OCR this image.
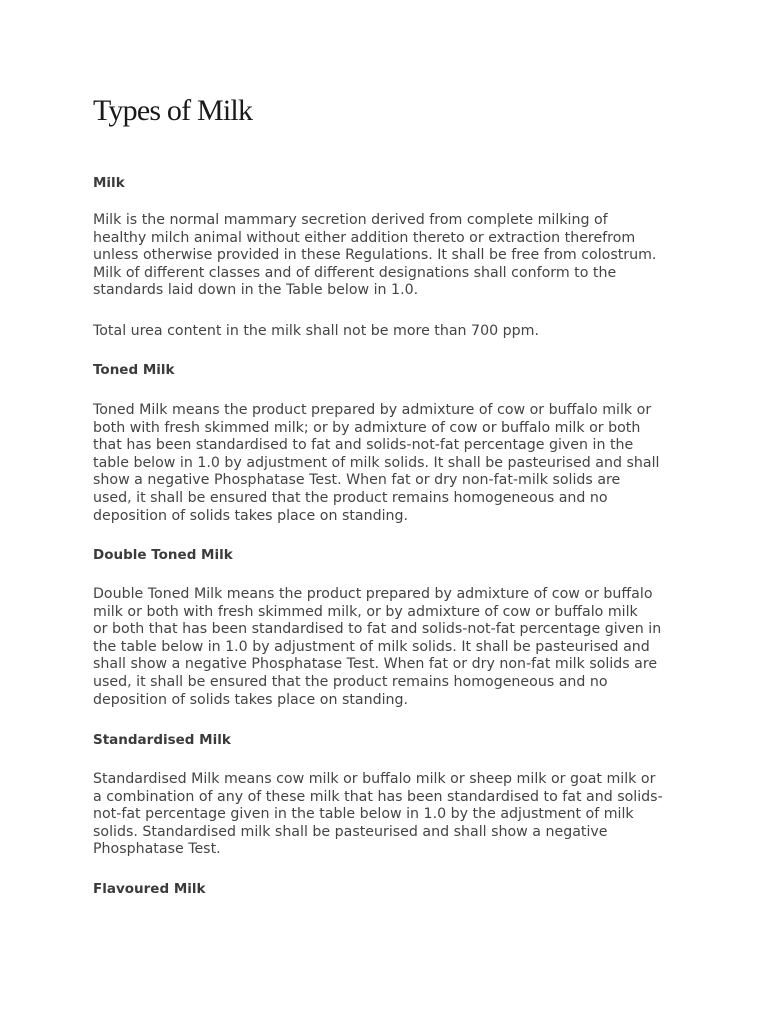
Types of Milk
Milk

Milk is the normal mammary secretion derived from complete milking of
healthy milch animal without either addition thereto or extraction therefrom
unless otherwise provided in these Regulations. It shall be free from colostrum.
Milk of different classes and of different designations shall conform to the
standards laid down in the Table below in 1.0.

Total urea content in the milk shall not be more than 700 ppm.

Toned Milk

Toned Milk means the product prepared by admixture of cow or buffalo milk or
both with fresh skimmed milk; or by admixture of cow or buffalo milk or both
that has been standardised to fat and solids-not-fat percentage given in the
table below in 1.0 by adjustment of milk solids. It shall be pasteurised and shall
show a negative Phosphatase Test. When fat or dry non-fat-milk solids are
used, it shall be ensured that the product remains homogeneous and no
deposition of solids takes place on standing.

Double Toned Milk

Double Toned Milk means the product prepared by admixture of cow or buffalo
milk or both with fresh skimmed milk, or by admixture of cow or buffalo milk
or both that has been standardised to fat and solids-not-fat percentage given in
the table below in 1.0 by adjustment of milk solids. It shall be pasteurised and
shall show a negative Phosphatase Test. When fat or dry non-fat milk solids are
used, it shall be ensured that the product remains homogeneous and no
deposition of solids takes place on standing.

Standardised Milk

Standardised Milk means cow milk or buffalo milk or sheep milk or goat milk or
a combination of any of these milk that has been standardised to fat and solids-
not-fat percentage given in the table below in 1.0 by the adjustment of milk
solids. Standardised milk shall be pasteurised and shall show a negative
Phosphatase Test.

Flavoured Milk
